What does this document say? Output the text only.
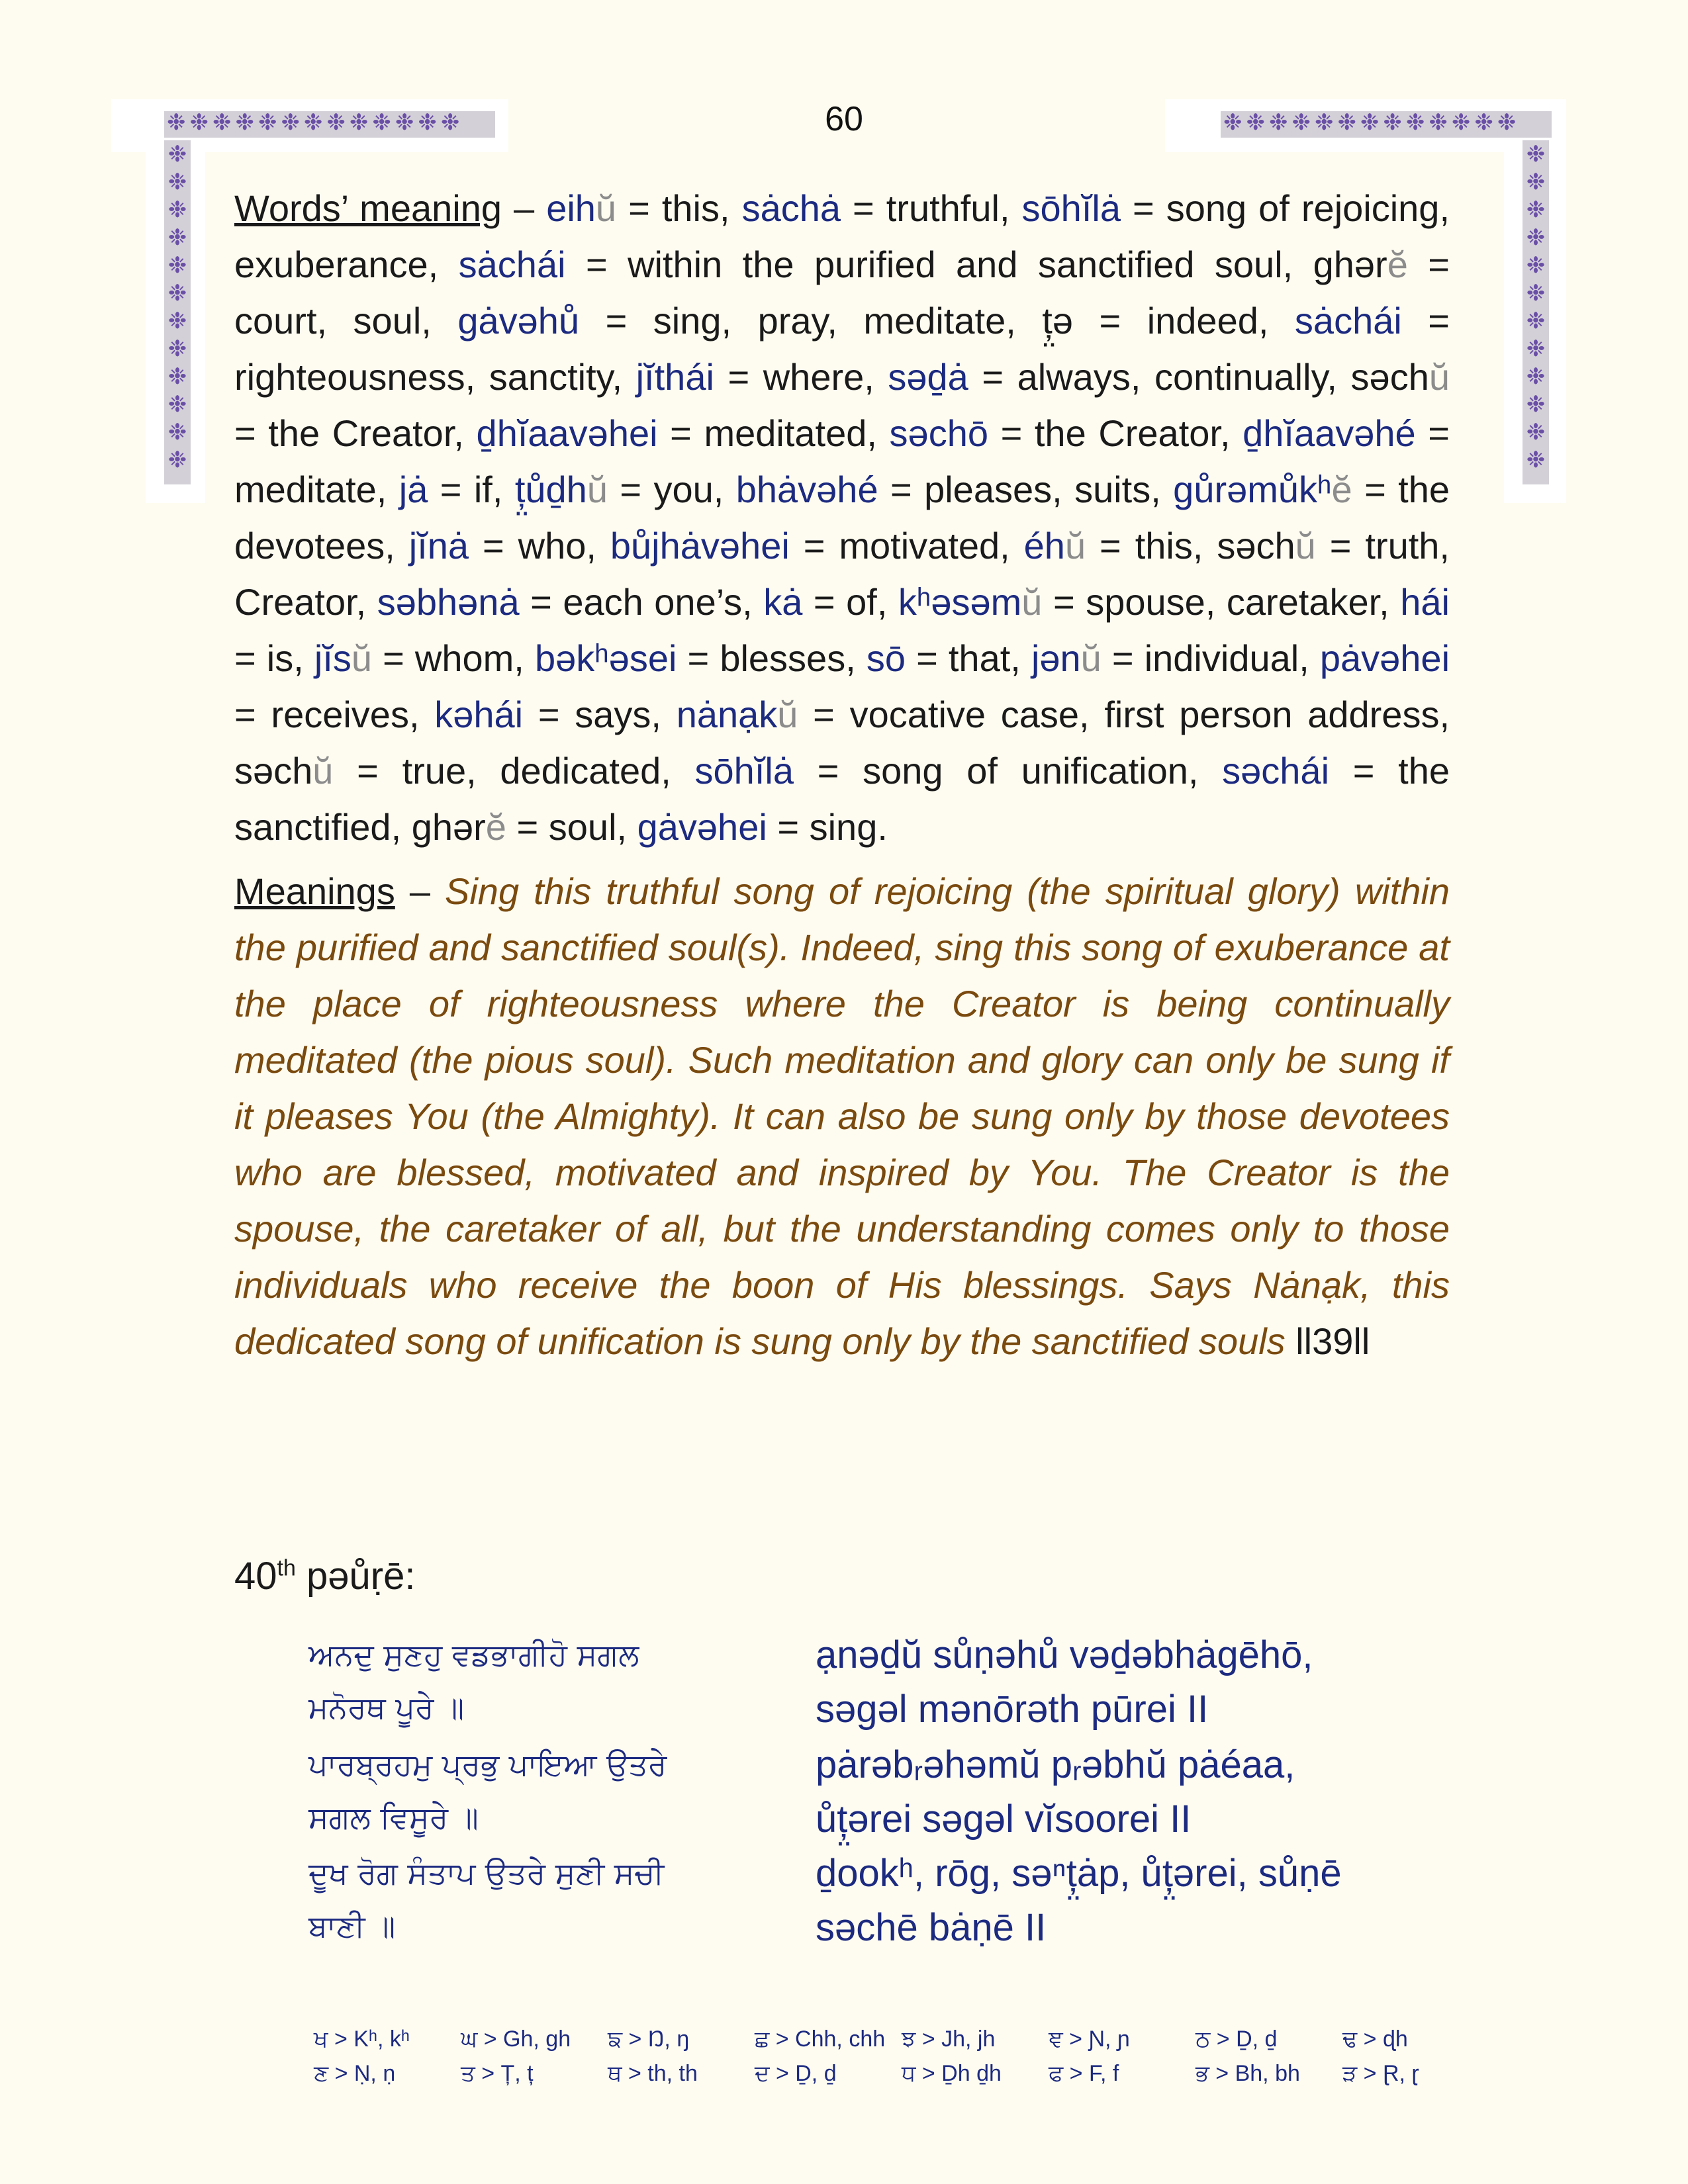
❉❉❉❉❉❉❉❉❉❉❉❉❉
❉❉❉❉❉❉❉❉❉❉❉❉
❉❉❉❉❉❉❉❉❉❉❉❉❉
❉❉❉❉❉❉❉❉❉❉❉❉
60

Words’ meaning – eihŭ = this, sȧchȧ = truthful, sōhĭlȧ = song of rejoicing, exuberance, sȧchái = within the purified and sanctified soul, ghərĕ = court, soul, gȧvəhů = sing, pray, meditate, ț̤ə = indeed, sȧchái = righteousness, sanctity, jĭthái = where, səḏȧ = always, continually, səchŭ = the Creator, ḏhĭaavəhei = meditated, səchō = the Creator, ḏhĭaavəhé = meditate, jȧ = if, ț̤ůḏhŭ = you, bhȧvəhé = pleases, suits, gůrəmůkʰĕ = the devotees, jĭnȧ = who, bůjhȧvəhei = motivated, éhŭ = this, səchŭ = truth, Creator, səbhənȧ = each one’s, kȧ = of, kʰəsəmŭ = spouse, caretaker, hái = is, jĭsŭ = whom, bəkʰəsei = blesses, sō = that, jənŭ = individual, pȧvəhei = receives, kəhái = says, nȧnạkŭ = vocative case, first person address, səchŭ = true, dedicated, sōhĭlȧ = song of unification, səchái = the sanctified, ghərĕ = soul, gȧvəhei = sing.

Meanings – Sing this truthful song of rejoicing (the spiritual glory) within the purified and sanctified soul(s). Indeed, sing this song of exuberance at the place of righteousness where the Creator is being continually meditated (the pious soul). Such meditation and glory can only be sung if it pleases You (the Almighty). It can also be sung only by those devotees who are blessed, motivated and inspired by You. The Creator is the spouse, the caretaker of all, but the understanding comes only to those individuals who receive the boon of His blessings. Says Nȧnạk, this dedicated song of unification is sung only by the sanctified souls ll39ll

40th pəůṛē:
ਅਨਦੁ ਸੁਣਹੁ ਵਡਭਾਗੀਹੋ ਸਗਲ
ਮਨੋਰਥ ਪੂਰੇ ॥
ạnəḏŭ sůṇəhů vəḏəbhȧgēhō,
səgəl mənōrəth pūrei II
ਪਾਰਬ੍ਰਹਮੁ ਪ੍ਰਭੁ ਪਾਇਆ ਉਤਰੇ
ਸਗਲ ਵਿਸੂਰੇ ॥
pȧrəbᵣəhəmŭ pᵣəbhŭ pȧéaa,
ůț̤ərei səgəl vĭsoorei II
ਦੂਖ ਰੋਗ ਸੰਤਾਪ ਉਤਰੇ ਸੁਣੀ ਸਚੀ
ਬਾਣੀ ॥
ḏookʰ, rōg, səⁿț̤ȧp, ůț̤ərei, sůṇē
səchē bȧṇē II
ਖ > Kʰ, kʰ ਘ > Gh, gh ਙ > Ŋ, ŋ	ਛ > Chh, chh ਝ > Jh, jh ਞ > Ɲ, ɲ	ਠ > Ḏ, ḏ	ਢ > ɖh
ਣ > Ṇ, ṇ	ਤ > Ț, ț	ਥ > th, th	ਦ > Ḏ, ḏ	ਧ > Ḏh ḏh ਫ > F, f	ਭ > Bh, bh ੜ > Ɽ, ɽ
